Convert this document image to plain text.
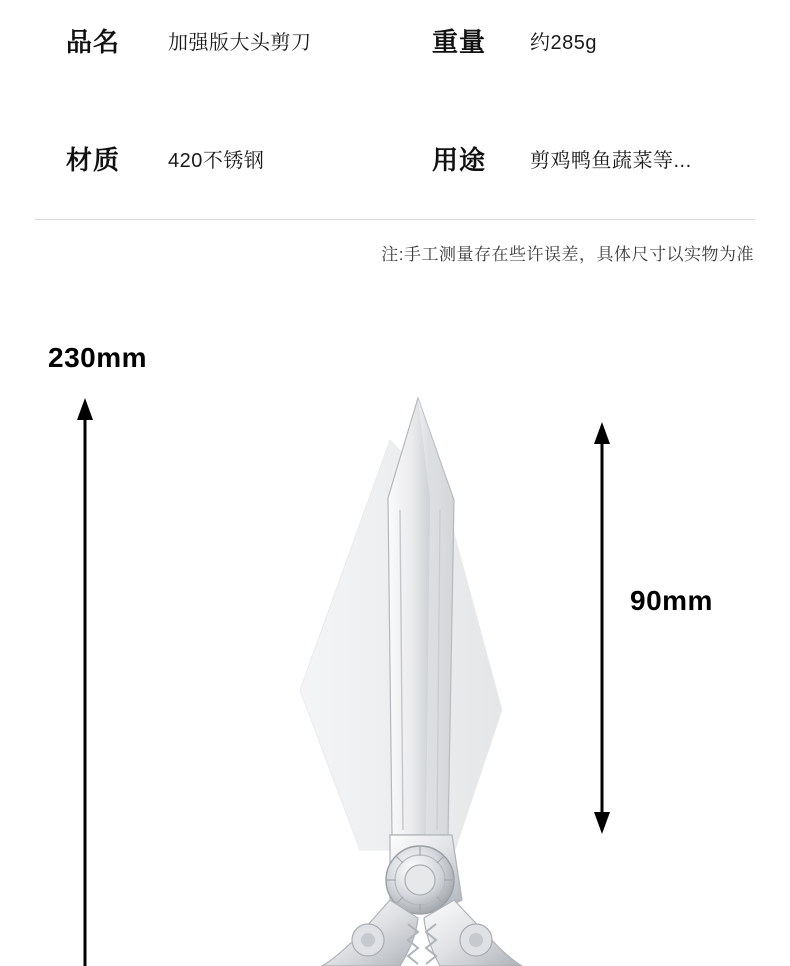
品名 加强版大头剪刀	重量 约285g
材质 420不锈钢	用途 剪鸡鸭鱼蔬菜等...
注:手工测量存在些许误差，具体尺寸以实物为准
230mm
90mm
